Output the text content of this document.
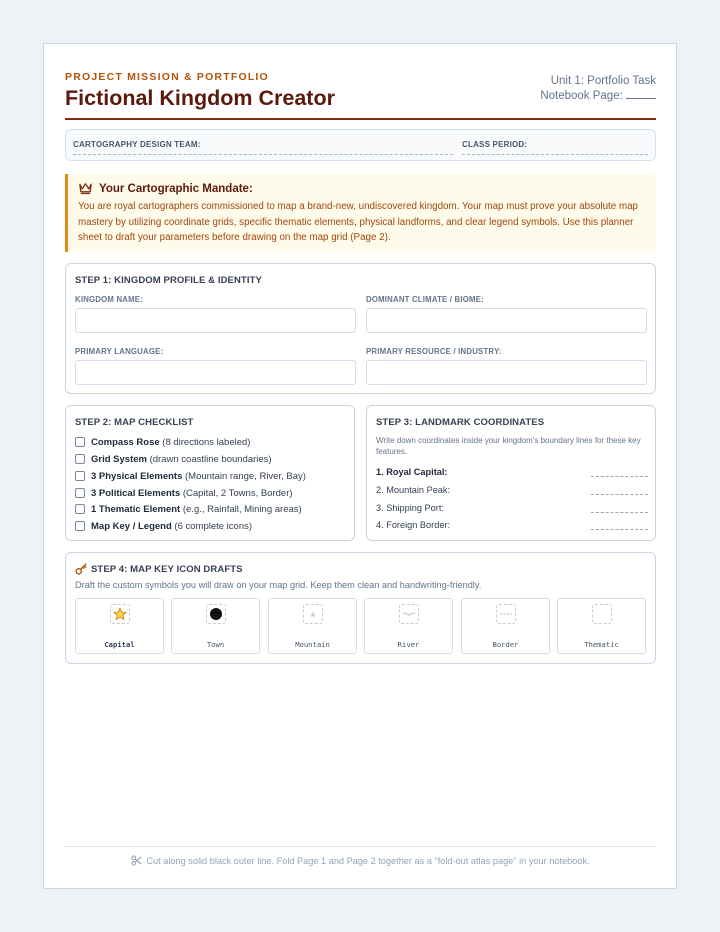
PROJECT MISSION & PORTFOLIO
Fictional Kingdom Creator
Unit 1: Portfolio Task
Notebook Page:
CARTOGRAPHY DESIGN TEAM:	CLASS PERIOD:
Your Cartographic Mandate:
You are royal cartographers commissioned to map a brand-new, undiscovered kingdom. Your map must prove your absolute map mastery by utilizing coordinate grids, specific thematic elements, physical landforms, and clear legend symbols. Use this planner sheet to draft your parameters before drawing on the map grid (Page 2).
STEP 1: KINGDOM PROFILE & IDENTITY
KINGDOM NAME:	DOMINANT CLIMATE / BIOME:
PRIMARY LANGUAGE:	PRIMARY RESOURCE / INDUSTRY:
STEP 2: MAP CHECKLIST
Compass Rose (8 directions labeled)
Grid System (drawn coastline boundaries)
3 Physical Elements (Mountain range, River, Bay)
3 Political Elements (Capital, 2 Towns, Border)
1 Thematic Element (e.g., Rainfall, Mining areas)
Map Key / Legend (6 complete icons)
STEP 3: LANDMARK COORDINATES
Write down coordinates inside your kingdom's boundary lines for these key features.
1. Royal Capital:
2. Mountain Peak:
3. Shipping Port:
4. Foreign Border:
STEP 4: MAP KEY ICON DRAFTS
Draft the custom symbols you will draw on your map grid. Keep them clean and handwriting-friendly.
Capital	Town	Mountain	River	Border	Thematic
Cut along solid black outer line. Fold Page 1 and Page 2 together as a "fold-out atlas page" in your notebook.
